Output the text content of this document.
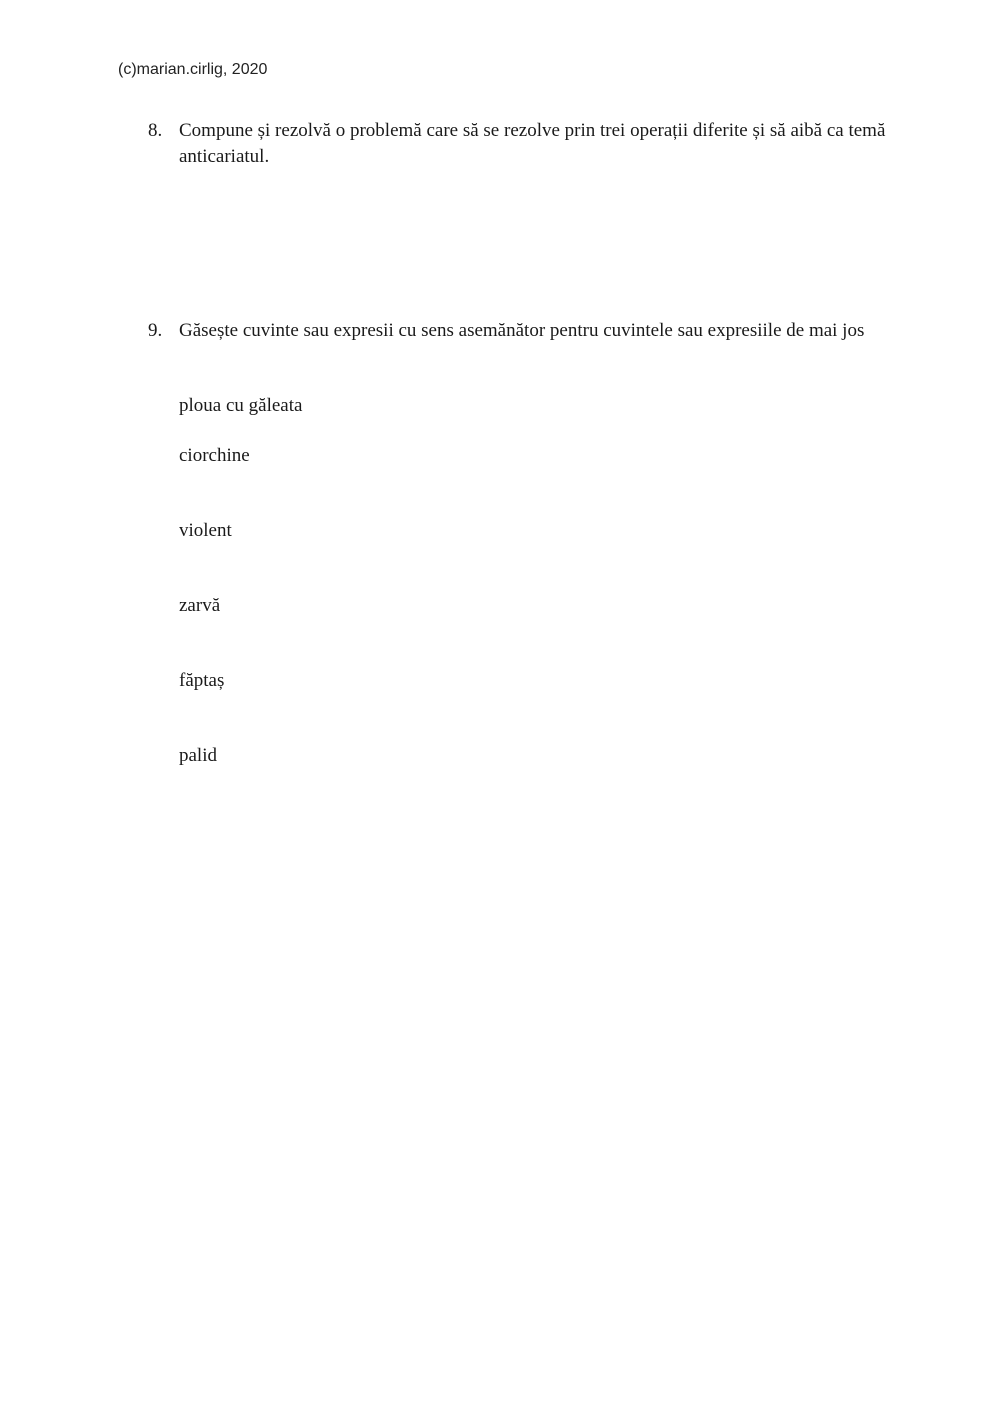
(c)marian.cirlig, 2020
8. Compune și rezolvă o problemă care să se rezolve prin trei operații diferite și să aibă ca temă anticariatul.
9. Găsește cuvinte sau expresii cu sens asemănător pentru cuvintele sau expresiile de mai jos
ploua cu găleata
ciorchine
violent
zarvă
făptaș
palid
